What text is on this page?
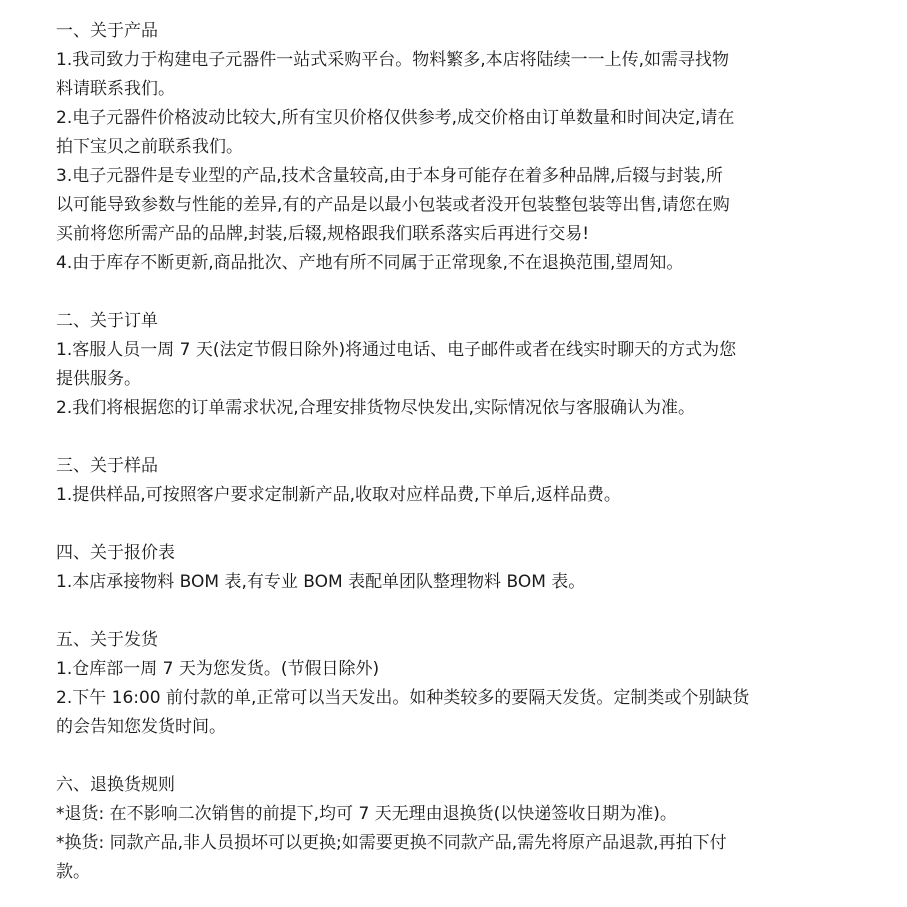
一、关于产品
1.我司致力于构建电子元器件一站式采购平台。物料繁多,本店将陆续一一上传,如需寻找物
料请联系我们。
2.电子元器件价格波动比较大,所有宝贝价格仅供参考,成交价格由订单数量和时间决定,请在
拍下宝贝之前联系我们。
3.电子元器件是专业型的产品,技术含量较高,由于本身可能存在着多种品牌,后辍与封装,所
以可能导致参数与性能的差异,有的产品是以最小包装或者没开包装整包装等出售,请您在购
买前将您所需产品的品牌,封装,后辍,规格跟我们联系落实后再进行交易!
4.由于库存不断更新,商品批次、产地有所不同属于正常现象,不在退换范围,望周知。
二、关于订单
1.客服人员一周 7 天(法定节假日除外)将通过电话、电子邮件或者在线实时聊天的方式为您
提供服务。
2.我们将根据您的订单需求状况,合理安排货物尽快发出,实际情况依与客服确认为准。
三、关于样品
1.提供样品,可按照客户要求定制新产品,收取对应样品费,下单后,返样品费。
四、关于报价表
1.本店承接物料 BOM 表,有专业 BOM 表配单团队整理物料 BOM 表。
五、关于发货
1.仓库部一周 7 天为您发货。(节假日除外)
2.下午 16:00 前付款的单,正常可以当天发出。如种类较多的要隔天发货。定制类或个别缺货
的会告知您发货时间。
六、退换货规则
*退货: 在不影响二次销售的前提下,均可 7 天无理由退换货(以快递签收日期为准)。
*换货: 同款产品,非人员损坏可以更换;如需要更换不同款产品,需先将原产品退款,再拍下付
款。
